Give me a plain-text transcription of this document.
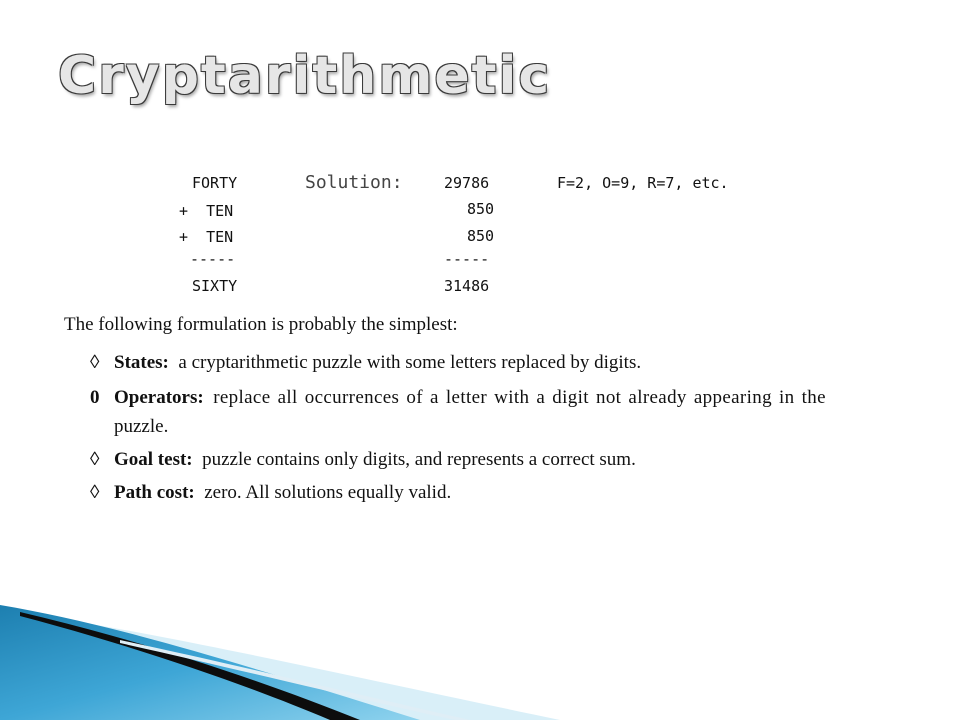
Cryptarithmetic
FORTY
+  TEN
+  TEN
-----
SIXTY
Solution:	29786
850
850
-----
31486
F=2, O=9, R=7, etc.
The following formulation is probably the simplest:
◊ States: a cryptarithmetic puzzle with some letters replaced by digits.
0 Operators: replace all occurrences of a letter with a digit not already appearing in the
puzzle.
◊ Goal test: puzzle contains only digits, and represents a correct sum.
◊ Path cost: zero. All solutions equally valid.
